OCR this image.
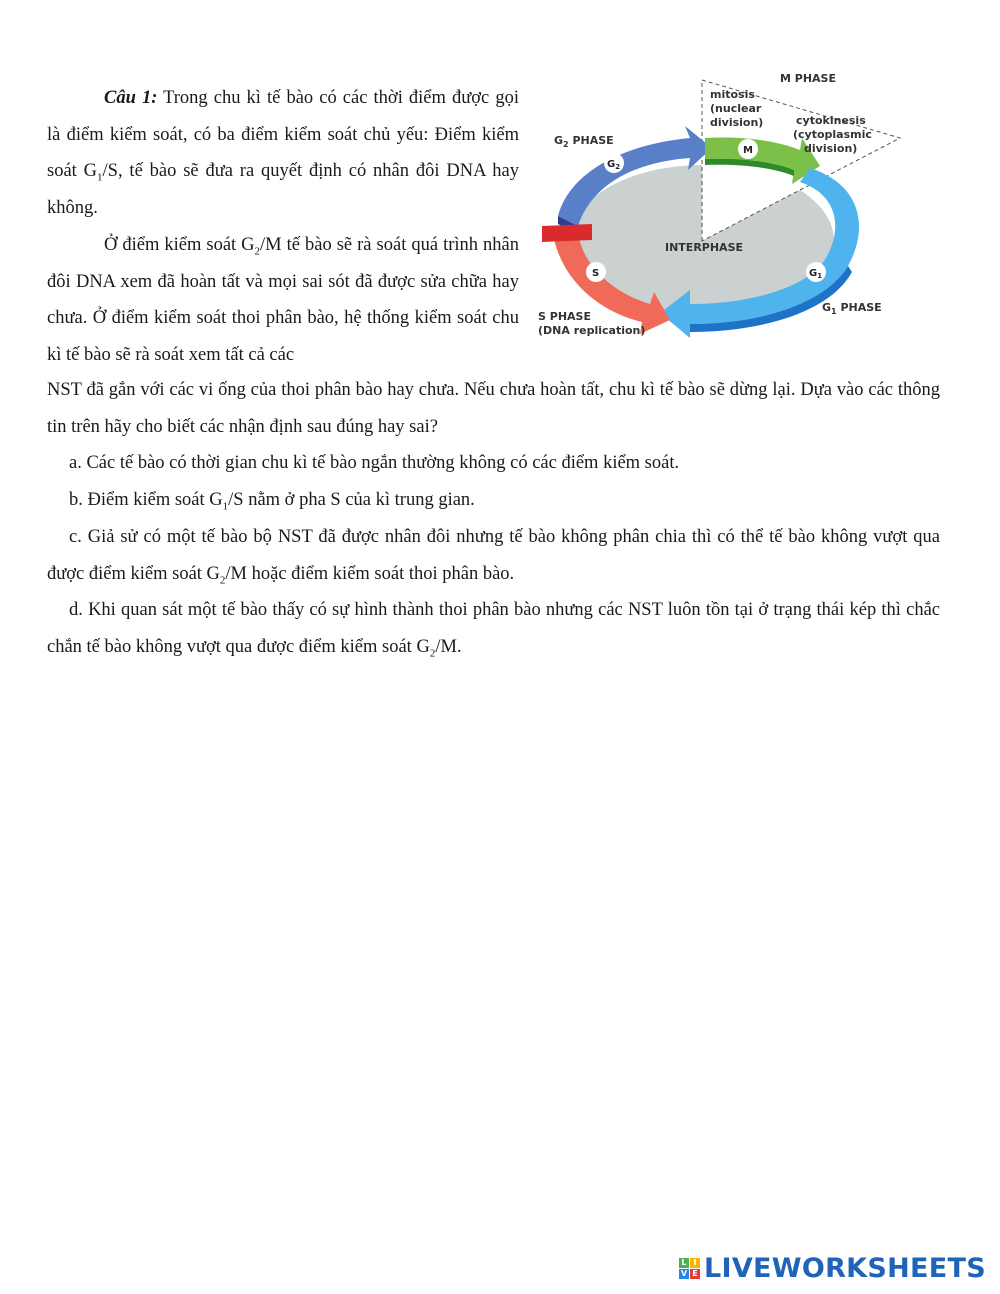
Câu 1: Trong chu kì tế bào có các thời điểm được gọi là điểm kiểm soát, có ba điểm kiểm soát chủ yếu: Điểm kiểm soát $G_1/S$, tế bào sẽ đưa ra quyết định có nhân đôi DNA hay không.

Ở điểm kiểm soát $G_2/M$ tế bào sẽ rà soát quá trình nhân đôi DNA xem đã hoàn tất và mọi sai sót đã được sửa chữa hay chưa. Ở điểm kiểm soát thoi phân bào, hệ thống kiểm soát chu kì tế bào sẽ rà soát xem tất cả các

$G_2$
M
S	$G_1$
INTERPHASE
M PHASE
mitosis
(nuclear
division)	cytokinesis
(cytoplasmic
division)
$G_2$ PHASE
$G_1$ PHASE
S PHASE
(DNA replication)

NST đã gắn với các vi ống của thoi phân bào hay chưa. Nếu chưa hoàn tất, chu kì tế bào sẽ dừng lại. Dựa vào các thông tin trên hãy cho biết các nhận định sau đúng hay sai?

a. Các tế bào có thời gian chu kì tế bào ngắn thường không có các điểm kiểm soát.

b. Điểm kiểm soát $G_1/S$ nằm ở pha S của kì trung gian.

c. Giả sử có một tế bào bộ NST đã được nhân đôi nhưng tế bào không phân chia thì có thể tế bào không vượt qua được điểm kiểm soát $G_2/M$ hoặc điểm kiểm soát thoi phân bào.

d. Khi quan sát một tế bào thấy có sự hình thành thoi phân bào nhưng các NST luôn tồn tại ở trạng thái kép thì chắc chắn tế bào không vượt qua được điểm kiểm soát $G_2/M$.

L I
V E LIVEWORKSHEETS
